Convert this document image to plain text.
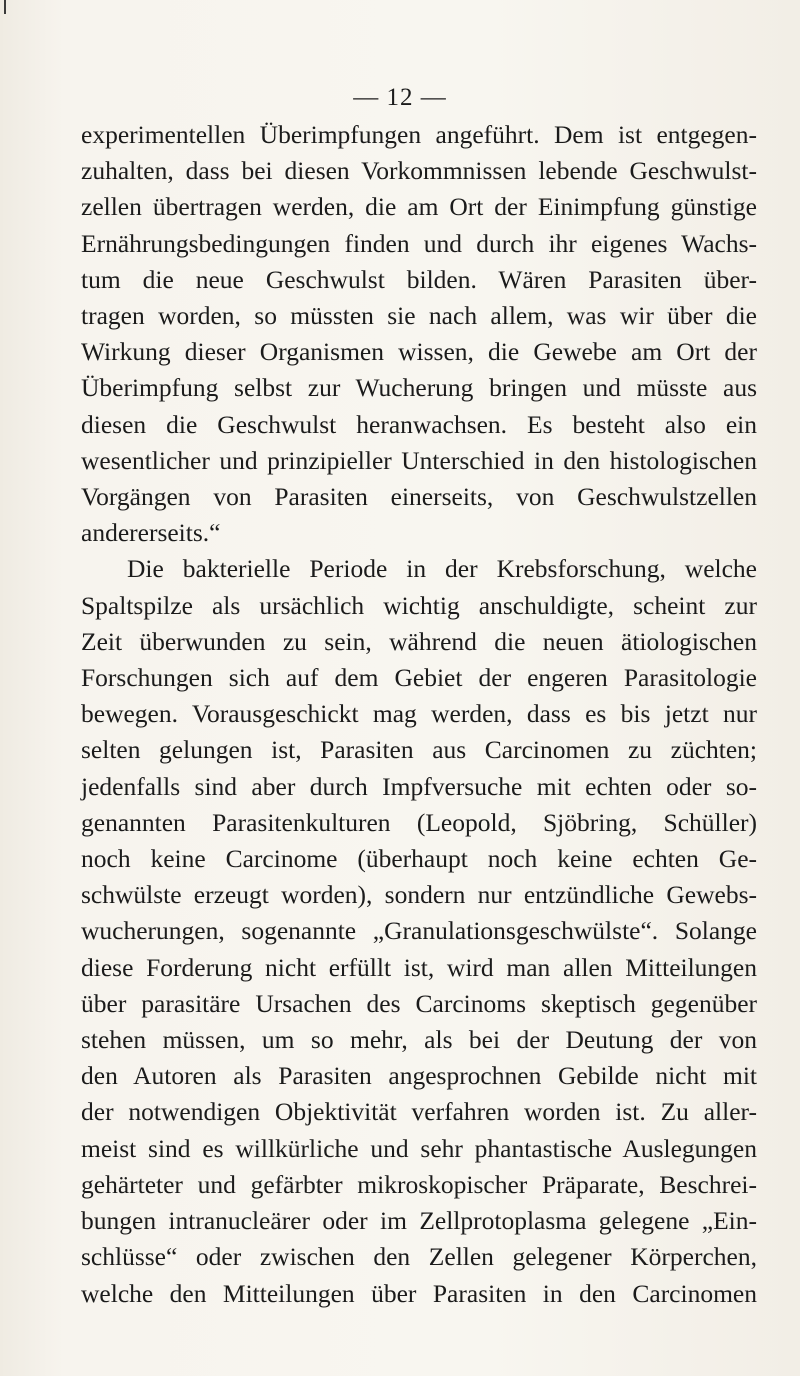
— 12 —
experimentellen Überimpfungen angeführt. Dem ist entgegen-
zuhalten, dass bei diesen Vorkommnissen lebende Geschwulst-
zellen übertragen werden, die am Ort der Einimpfung günstige
Ernährungsbedingungen finden und durch ihr eigenes Wachs-
tum die neue Geschwulst bilden. Wären Parasiten über-
tragen worden, so müssten sie nach allem, was wir über die
Wirkung dieser Organismen wissen, die Gewebe am Ort der
Überimpfung selbst zur Wucherung bringen und müsste aus
diesen die Geschwulst heranwachsen. Es besteht also ein
wesentlicher und prinzipieller Unterschied in den histologischen
Vorgängen von Parasiten einerseits, von Geschwulstzellen
andererseits.“
Die bakterielle Periode in der Krebsforschung, welche
Spaltspilze als ursächlich wichtig anschuldigte, scheint zur
Zeit überwunden zu sein, während die neuen ätiologischen
Forschungen sich auf dem Gebiet der engeren Parasitologie
bewegen. Vorausgeschickt mag werden, dass es bis jetzt nur
selten gelungen ist, Parasiten aus Carcinomen zu züchten;
jedenfalls sind aber durch Impfversuche mit echten oder so-
genannten Parasitenkulturen (Leopold, Sjöbring, Schüller)
noch keine Carcinome (überhaupt noch keine echten Ge-
schwülste erzeugt worden), sondern nur entzündliche Gewebs-
wucherungen, sogenannte „Granulationsgeschwülste“. Solange
diese Forderung nicht erfüllt ist, wird man allen Mitteilungen
über parasitäre Ursachen des Carcinoms skeptisch gegenüber
stehen müssen, um so mehr, als bei der Deutung der von
den Autoren als Parasiten angesprochnen Gebilde nicht mit
der notwendigen Objektivität verfahren worden ist. Zu aller-
meist sind es willkürliche und sehr phantastische Auslegungen
gehärteter und gefärbter mikroskopischer Präparate, Beschrei-
bungen intranucleärer oder im Zellprotoplasma gelegene „Ein-
schlüsse“ oder zwischen den Zellen gelegener Körperchen,
welche den Mitteilungen über Parasiten in den Carcinomen
